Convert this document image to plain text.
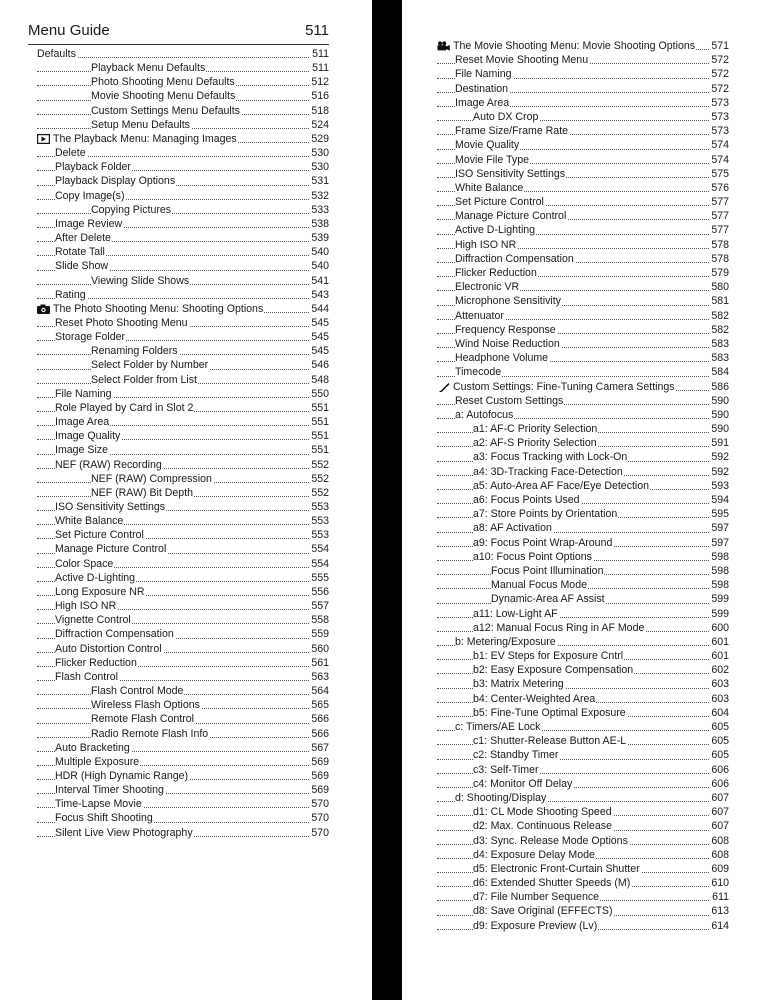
Menu Guide	511
Defaults	511
Playback Menu Defaults	511
Photo Shooting Menu Defaults	512
Movie Shooting Menu Defaults	516
Custom Settings Menu Defaults	518
Setup Menu Defaults	524
The Playback Menu: Managing Images	529
Delete	530
Playback Folder	530
Playback Display Options	531
Copy Image(s)	532
Copying Pictures	533
Image Review	538
After Delete	539
Rotate Tall	540
Slide Show	540
Viewing Slide Shows	541
Rating	543
The Photo Shooting Menu: Shooting Options	544
Reset Photo Shooting Menu	545
Storage Folder	545
Renaming Folders	545
Select Folder by Number	546
Select Folder from List	548
File Naming	550
Role Played by Card in Slot 2	551
Image Area	551
Image Quality	551
Image Size	551
NEF (RAW) Recording	552
NEF (RAW) Compression	552
NEF (RAW) Bit Depth	552
ISO Sensitivity Settings	553
White Balance	553
Set Picture Control	553
Manage Picture Control	554
Color Space	554
Active D-Lighting	555
Long Exposure NR	556
High ISO NR	557
Vignette Control	558
Diffraction Compensation	559
Auto Distortion Control	560
Flicker Reduction	561
Flash Control	563
Flash Control Mode	564
Wireless Flash Options	565
Remote Flash Control	566
Radio Remote Flash Info	566
Auto Bracketing	567
Multiple Exposure	569
HDR (High Dynamic Range)	569
Interval Timer Shooting	569
Time-Lapse Movie	570
Focus Shift Shooting	570
Silent Live View Photography	570
The Movie Shooting Menu: Movie Shooting Options 571
Reset Movie Shooting Menu	572
File Naming	572
Destination	572
Image Area	573
Auto DX Crop	573
Frame Size/Frame Rate	573
Movie Quality	574
Movie File Type	574
ISO Sensitivity Settings	575
White Balance	576
Set Picture Control	577
Manage Picture Control	577
Active D-Lighting	577
High ISO NR	578
Diffraction Compensation	578
Flicker Reduction	579
Electronic VR	580
Microphone Sensitivity	581
Attenuator	582
Frequency Response	582
Wind Noise Reduction	583
Headphone Volume	583
Timecode	584
Custom Settings: Fine-Tuning Camera Settings	586
Reset Custom Settings	590
a: Autofocus	590
a1: AF-C Priority Selection	590
a2: AF-S Priority Selection	591
a3: Focus Tracking with Lock-On	592
a4: 3D-Tracking Face-Detection	592
a5: Auto-Area AF Face/Eye Detection	593
a6: Focus Points Used	594
a7: Store Points by Orientation	595
a8: AF Activation	597
a9: Focus Point Wrap-Around	597
a10: Focus Point Options	598
Focus Point Illumination	598
Manual Focus Mode	598
Dynamic-Area AF Assist	599
a11: Low-Light AF	599
a12: Manual Focus Ring in AF Mode	600
b: Metering/Exposure	601
b1: EV Steps for Exposure Cntrl	601
b2: Easy Exposure Compensation	602
b3: Matrix Metering	603
b4: Center-Weighted Area	603
b5: Fine-Tune Optimal Exposure	604
c: Timers/AE Lock	605
c1: Shutter-Release Button AE-L	605
c2: Standby Timer	605
c3: Self-Timer	606
c4: Monitor Off Delay	606
d: Shooting/Display	607
d1: CL Mode Shooting Speed	607
d2: Max. Continuous Release	607
d3: Sync. Release Mode Options	608
d4: Exposure Delay Mode	608
d5: Electronic Front-Curtain Shutter	609
d6: Extended Shutter Speeds (M)	610
d7: File Number Sequence	611
d8: Save Original (EFFECTS)	613
d9: Exposure Preview (Lv)	614
